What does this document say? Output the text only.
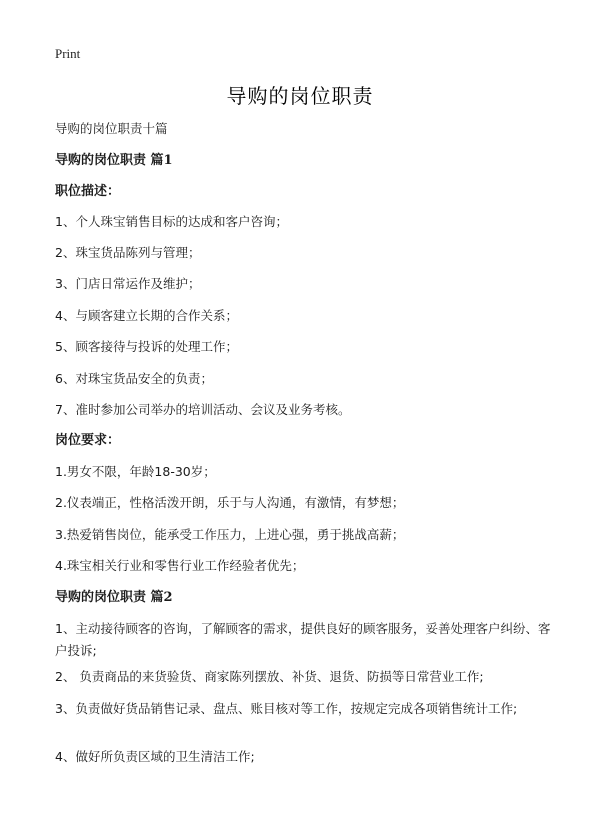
Print
导购的岗位职责
导购的岗位职责十篇
导购的岗位职责 篇1
职位描述：
1、个人珠宝销售目标的达成和客户咨询；
2、珠宝货品陈列与管理；
3、门店日常运作及维护；
4、与顾客建立长期的合作关系；
5、顾客接待与投诉的处理工作；
6、对珠宝货品安全的负责；
7、准时参加公司举办的培训活动、会议及业务考核。
岗位要求：
1.男女不限，年龄18-30岁；
2.仪表端正，性格活泼开朗，乐于与人沟通，有激情，有梦想；
3.热爱销售岗位，能承受工作压力，上进心强，勇于挑战高薪；
4.珠宝相关行业和零售行业工作经验者优先；
导购的岗位职责 篇2
1、主动接待顾客的咨询，了解顾客的需求，提供良好的顾客服务，妥善处理客户纠纷、客户投诉;
2、 负责商品的来货验货、商家陈列摆放、补货、退货、防损等日常营业工作;
3、负责做好货品销售记录、盘点、账目核对等工作，按规定完成各项销售统计工作;
4、做好所负责区域的卫生清洁工作;
